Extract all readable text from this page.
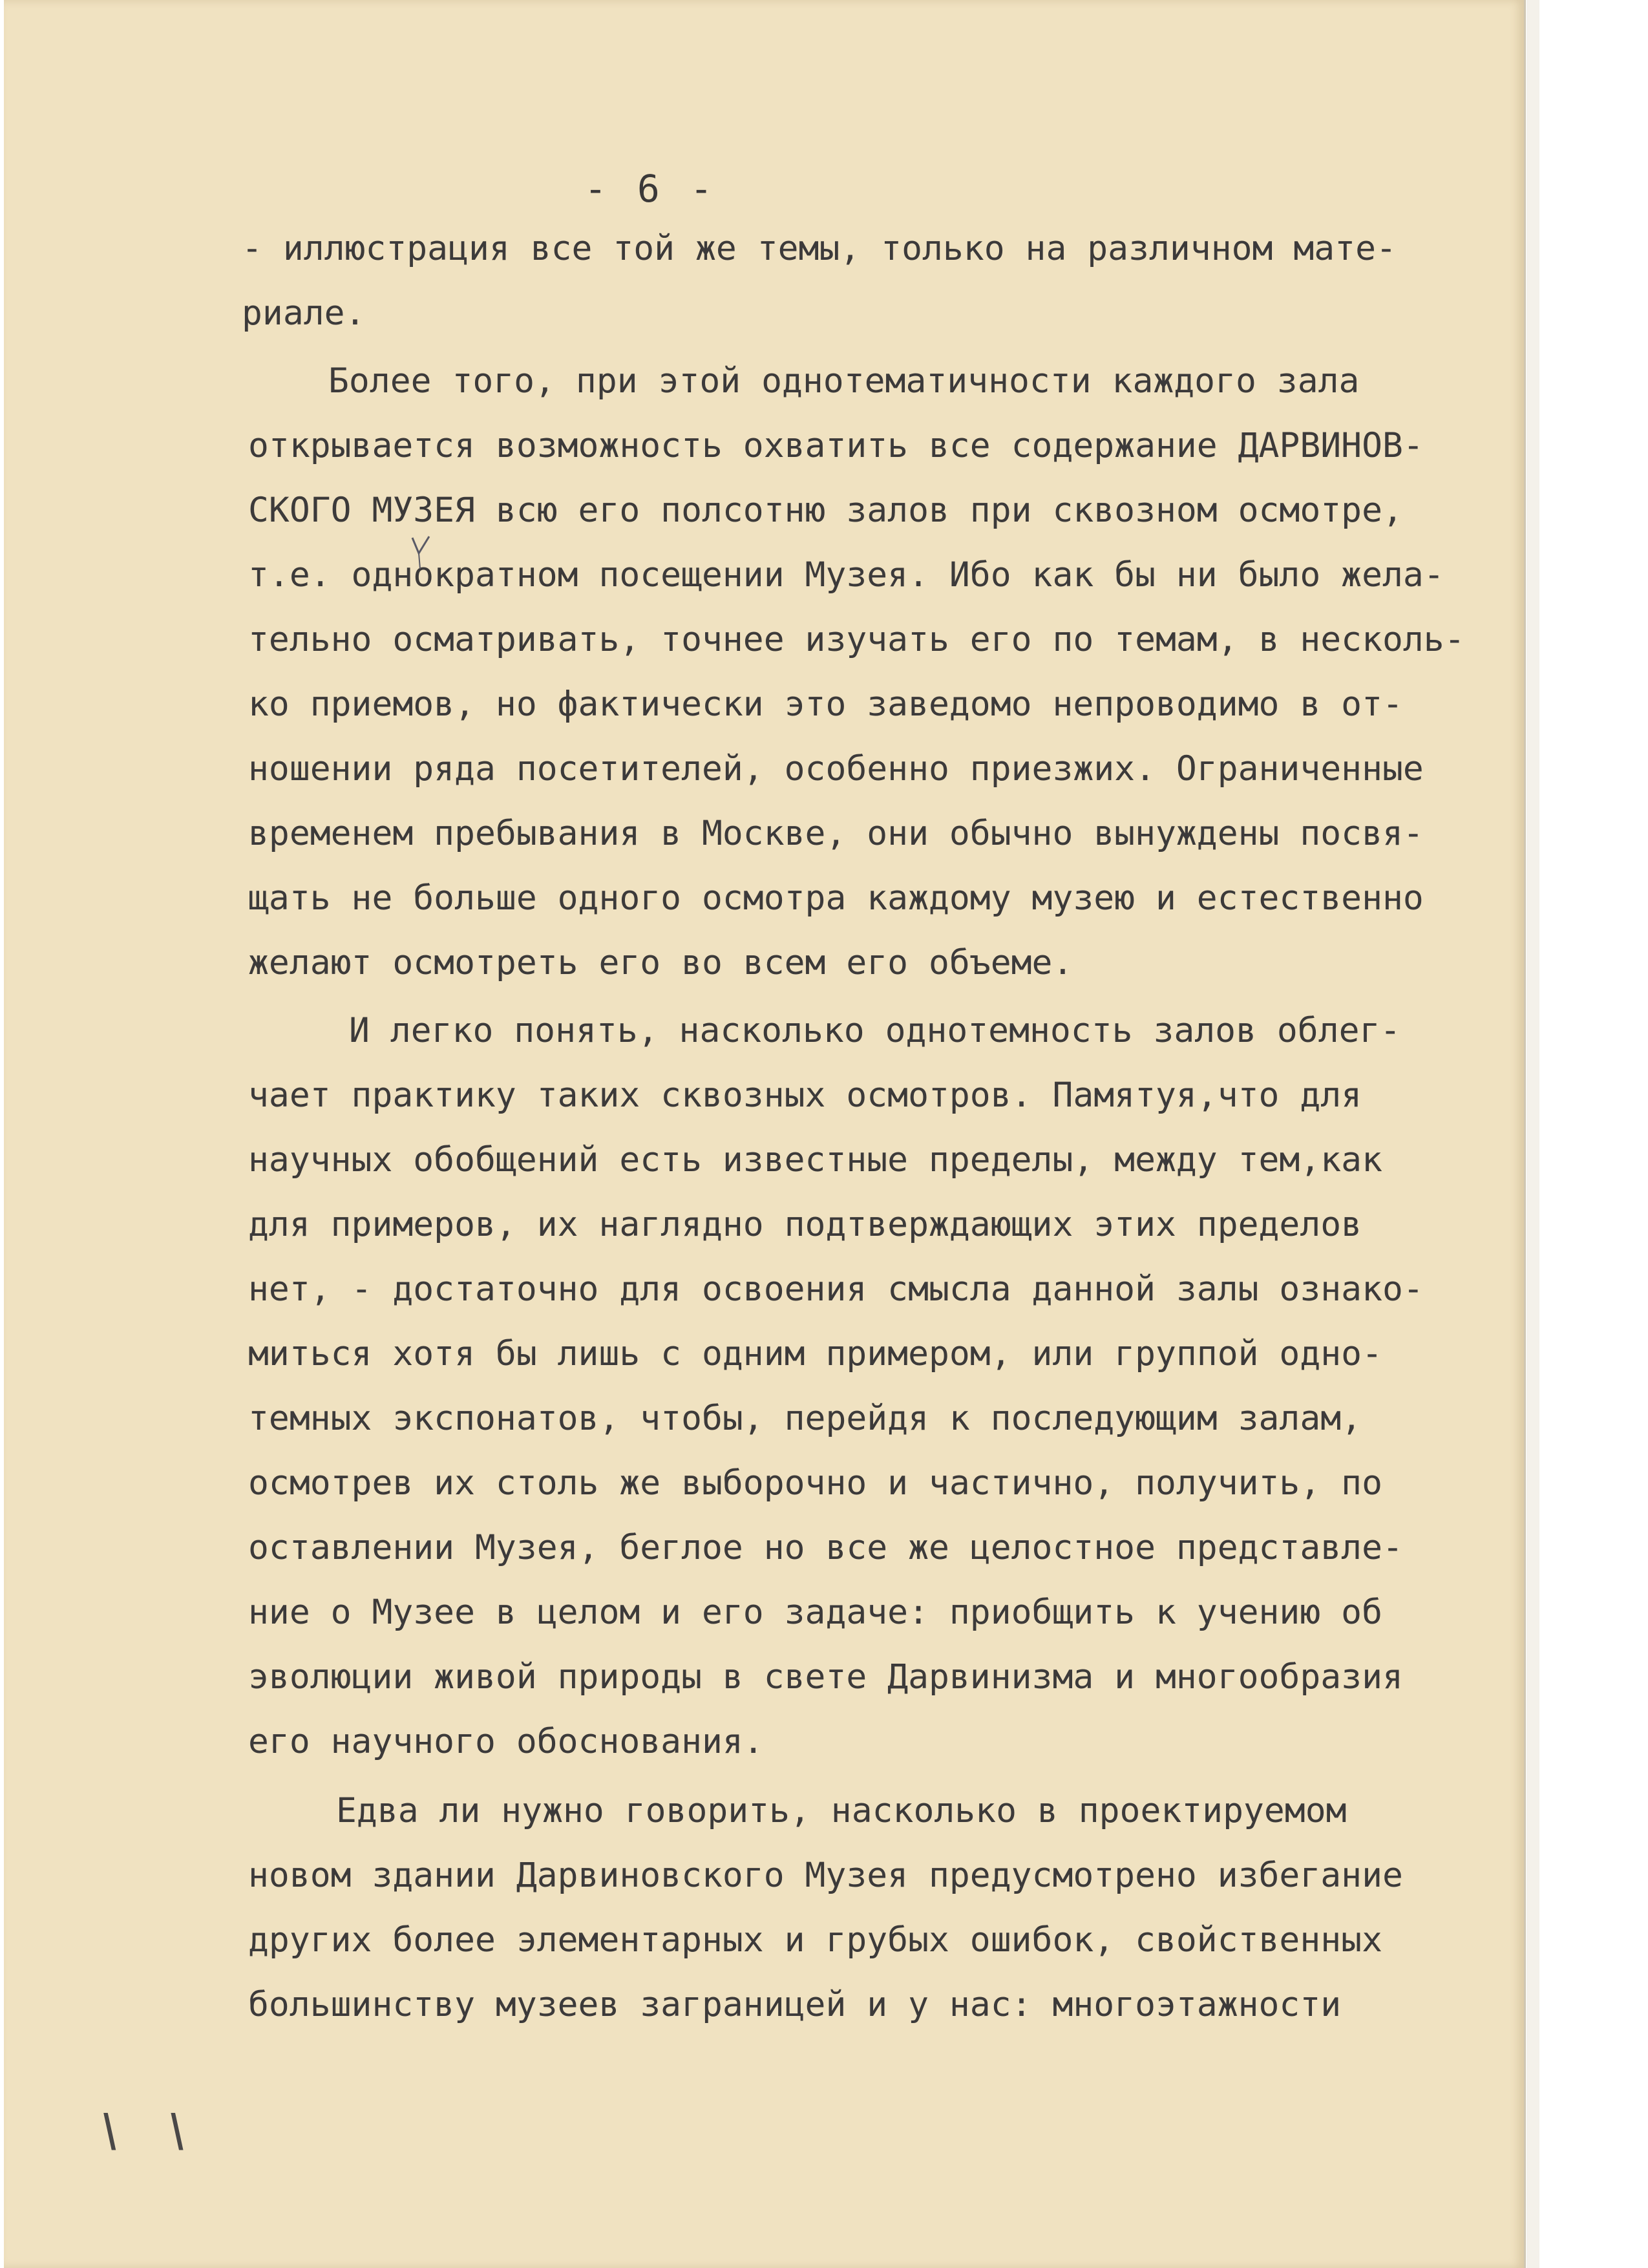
- 6 -
- иллюстрация все той же темы, только на различном мате-
риале.
Более того, при этой однотематичности каждого зала
открывается возможность охватить все содержание ДАРВИНОВ-
СКОГО МУЗЕЯ всю его полсотню залов при сквозном осмотре,
т.е. однократном посещении Музея. Ибо как бы ни было жела-
тельно осматривать, точнее изучать его по темам, в несколь-
ко приемов, но фактически это заведомо непроводимо в от-
ношении ряда посетителей, особенно приезжих. Ограниченные
временем пребывания в Москве, они обычно вынуждены посвя-
щать не больше одного осмотра каждому музею и естественно
желают осмотреть его во всем его объеме.
И легко понять, насколько однотемность залов облег-
чает практику таких сквозных осмотров. Памятуя,что для
научных обобщений есть известные пределы, между тем,как
для примеров, их наглядно подтверждающих этих пределов
нет, - достаточно для освоения смысла данной залы ознако-
миться хотя бы лишь с одним примером, или группой одно-
темных экспонатов, чтобы, перейдя к последующим залам,
осмотрев их столь же выборочно и частично, получить, по
оставлении Музея, беглое но все же целостное представле-
ние о Музее в целом и его задаче: приобщить к учению об
эволюции живой природы в свете Дарвинизма и многообразия
его научного обоснования.
Едва ли нужно говорить, насколько в проектируемом
новом здании Дарвиновского Музея предусмотрено избегание
других более элементарных и грубых ошибок, свойственных
большинству музеев заграницей и у нас: многоэтажности
\ \
